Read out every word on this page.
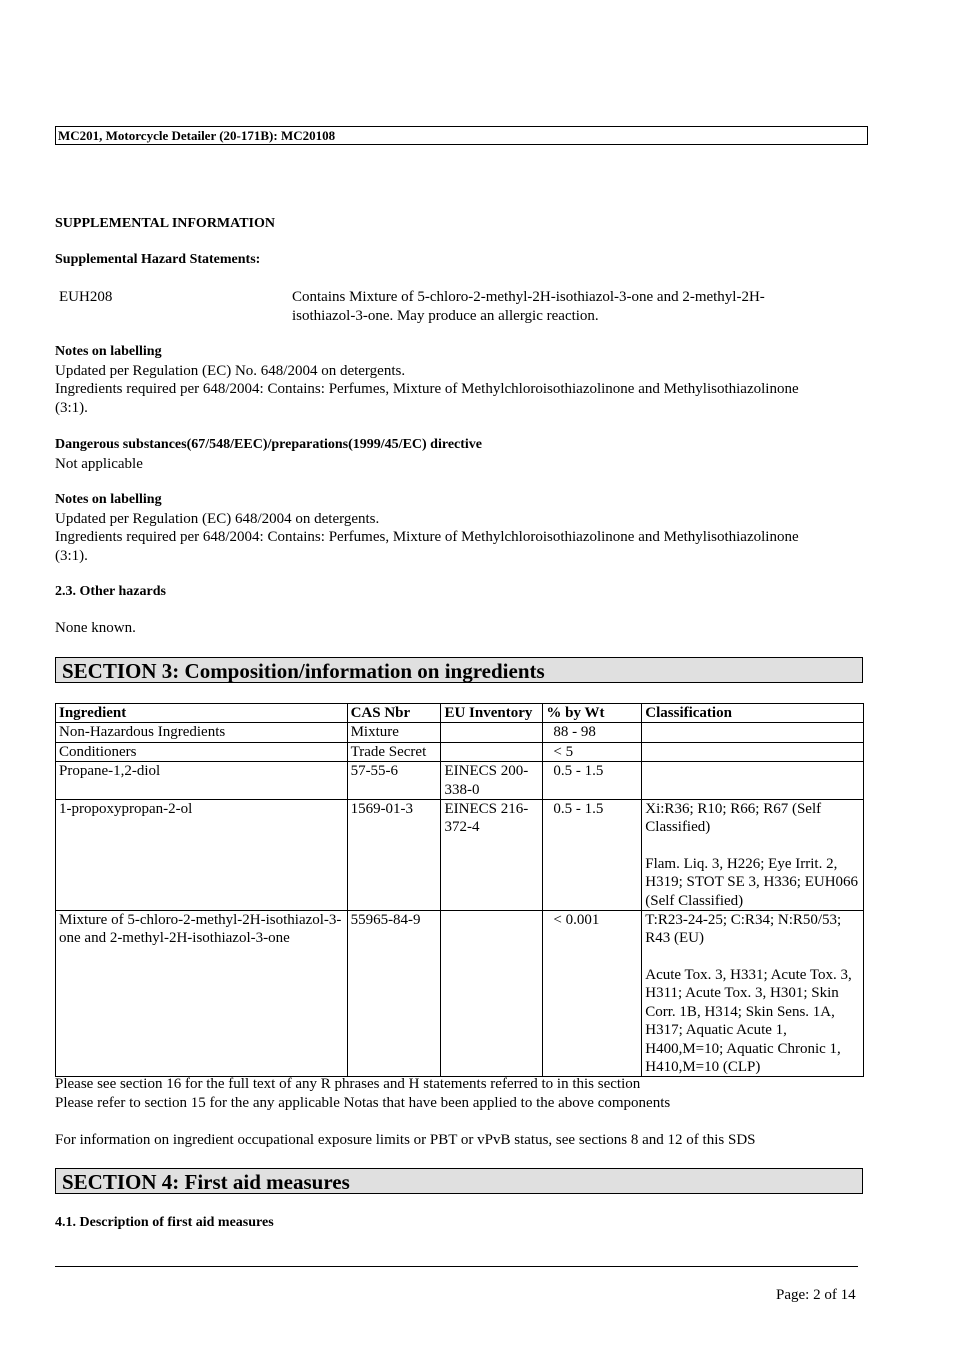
MC201, Motorcycle Detailer (20-171B): MC20108
SUPPLEMENTAL INFORMATION
Supplemental Hazard Statements:
EUH208	Contains Mixture of 5-chloro-2-methyl-2H-isothiazol-3-one and 2-methyl-2H-
isothiazol-3-one. May produce an allergic reaction.
Notes on labelling
Updated per Regulation (EC) No. 648/2004 on detergents.
Ingredients required per 648/2004: Contains: Perfumes, Mixture of Methylchloroisothiazolinone and Methylisothiazolinone
(3:1).
Dangerous substances(67/548/EEC)/preparations(1999/45/EC) directive
Not applicable
Notes on labelling
Updated per Regulation (EC) 648/2004 on detergents.
Ingredients required per 648/2004: Contains: Perfumes, Mixture of Methylchloroisothiazolinone and Methylisothiazolinone
(3:1).
2.3. Other hazards
None known.
SECTION 3: Composition/information on ingredients
Ingredient	CAS Nbr	EU Inventory	% by Wt	Classification
Non-Hazardous Ingredients	Mixture		88 - 98	
Conditioners	Trade Secret		< 5	
Propane-1,2-diol	57-55-6	EINECS 200-338-0	0.5 - 1.5	
1-propoxypropan-2-ol	1569-01-3	EINECS 216-372-4	0.5 - 1.5	Xi:R36; R10; R66; R67 (Self Classified)
Flam. Liq. 3, H226; Eye Irrit. 2, H319; STOT SE 3, H336; EUH066 (Self Classified)

Mixture of 5-chloro-2-methyl-2H-isothiazol-3-one and 2-methyl-2H-isothiazol-3-one	55965-84-9		< 0.001	T:R23-24-25; C:R34; N:R50/53; R43 (EU)
Acute Tox. 3, H331; Acute Tox. 3, H311; Acute Tox. 3, H301; Skin Corr. 1B, H314; Skin Sens. 1A, H317; Aquatic Acute 1, H400,M=10; Aquatic Chronic 1, H410,M=10 (CLP)
Please see section 16 for the full text of any R phrases and H statements referred to in this section
Please refer to section 15 for the any applicable Notas that have been applied to the above components
For information on ingredient occupational exposure limits or PBT or vPvB status, see sections 8 and 12 of this SDS
SECTION 4: First aid measures
4.1. Description of first aid measures
Page: 2 of 14
